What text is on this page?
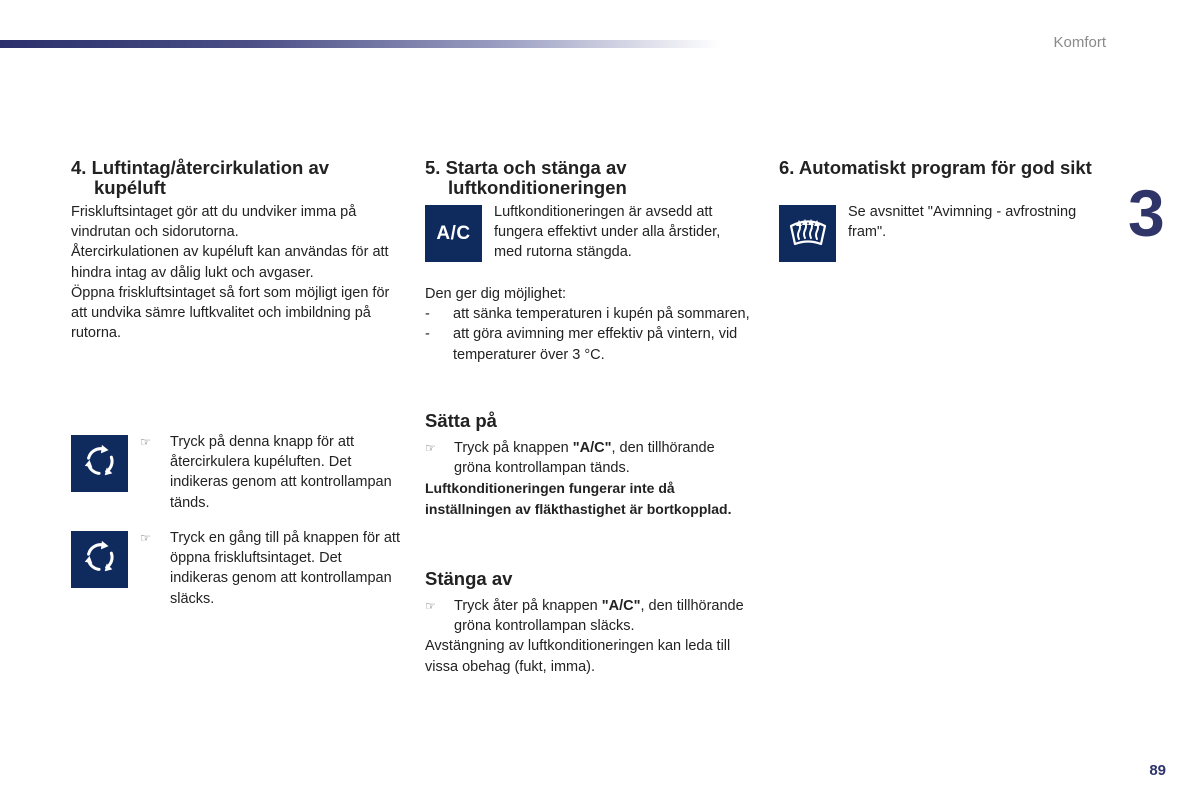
Komfort
3
89
4. Luftintag/återcirkulation av kupéluft

Friskluftsintaget gör att du undviker imma på vindrutan och sidorutorna.

Återcirkulationen av kupéluft kan användas för att hindra intag av dålig lukt och avgaser.

Öppna friskluftsintaget så fort som möjligt igen för att undvika sämre luftkvalitet och imbildning på rutorna.

☞ Tryck på denna knapp för att återcirkulera kupéluften. Det indikeras genom att kontrollampan tänds.

☞ Tryck en gång till på knappen för att öppna friskluftsintaget. Det indikeras genom att kontrollampan släcks.

5. Starta och stänga av luftkonditioneringen
A/C

Luftkonditioneringen är avsedd att fungera effektivt under alla årstider, med rutorna stängda.

Den ger dig möjlighet:

- att sänka temperaturen i kupén på sommaren,

- att göra avimning mer effektiv på vintern, vid temperaturer över 3 °C.

Sätta på

☞ Tryck på knappen "A/C", den tillhörande gröna kontrollampan tänds.

Luftkonditioneringen fungerar inte då inställningen av fläkthastighet är bortkopplad.

Stänga av

☞ Tryck åter på knappen "A/C", den tillhörande gröna kontrollampan släcks.

Avstängning av luftkonditioneringen kan leda till vissa obehag (fukt, imma).

6. Automatiskt program för god sikt

Se avsnittet "Avimning - avfrostning fram".
